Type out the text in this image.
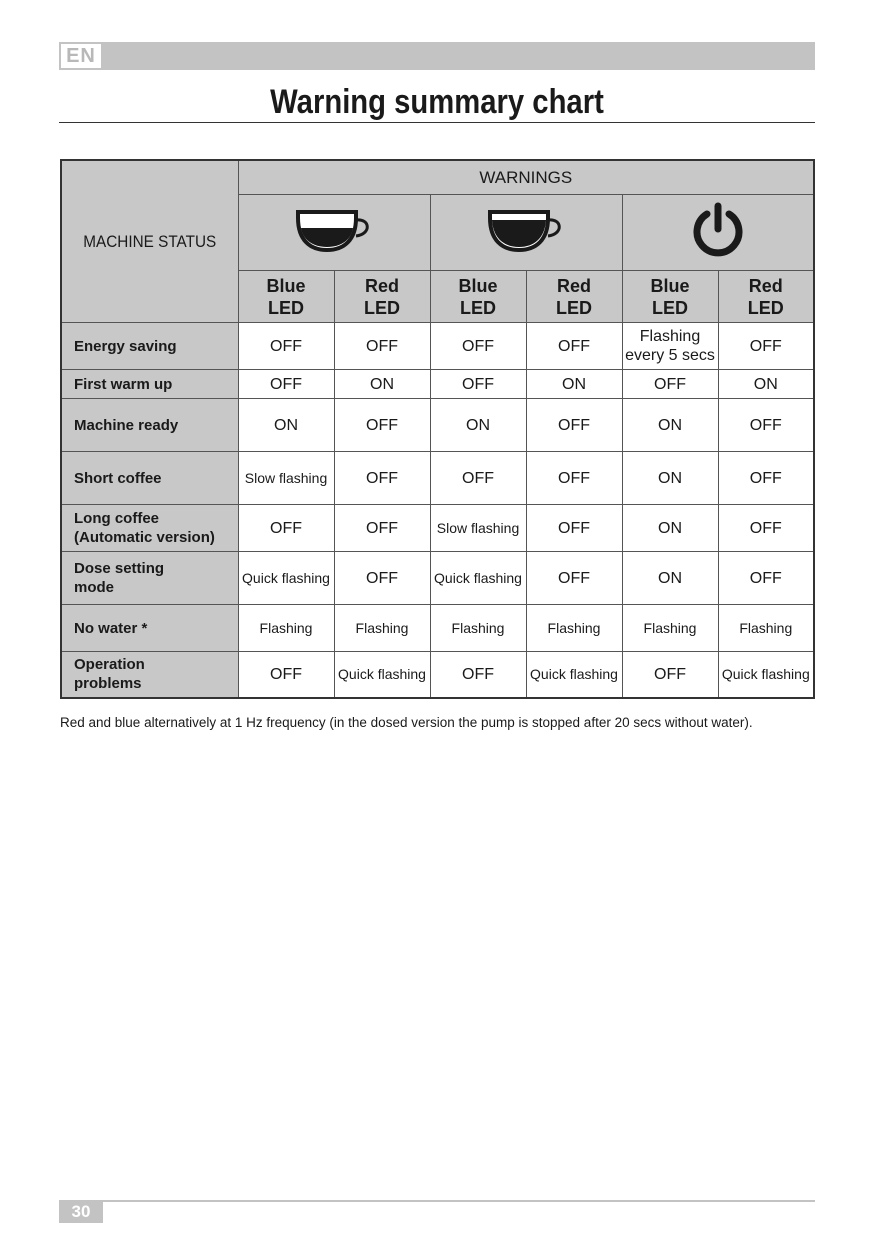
EN
Warning summary chart
MACHINE STATUS	WARNINGS					

	Blue
LED	Red
LED	Blue
LED	Red
LED	Blue
LED	Red
LED
Energy saving	OFF	OFF	OFF	OFF	Flashing every 5 secs	OFF
First warm up	OFF	ON	OFF	ON	OFF	ON
Machine ready	ON	OFF	ON	OFF	ON	OFF
Short coffee	Slow flashing	OFF	OFF	OFF	ON	OFF
Long coffee
(Automatic version)	OFF	OFF	Slow flashing	OFF	ON	OFF
Dose setting
mode	Quick flashing	OFF	Quick flashing	OFF	ON	OFF
No water *	Flashing	Flashing	Flashing	Flashing	Flashing	Flashing
Operation
problems	OFF	Quick flashing	OFF	Quick flashing	OFF	Quick flashing
Red and blue alternatively at 1 Hz frequency (in the dosed version the pump is stopped after 20 secs without water).
30
